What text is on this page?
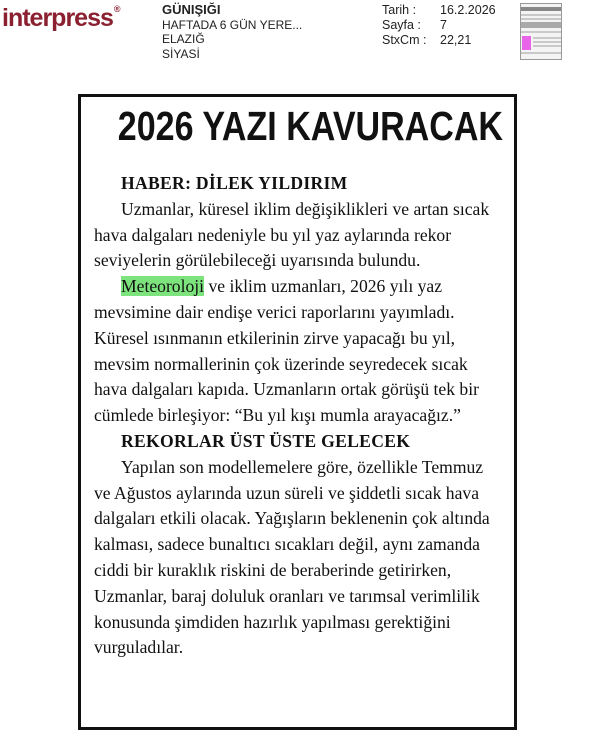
interpress®	GÜNIŞIĞI
HAFTADA 6 GÜN YERE...
ELAZIĞ
SİYASİ
Tarih :	16.2.2026
Sayfa :	7
StxCm :	22,21
2026 YAZI KAVURACAK
HABER: DİLEK YILDIRIM

Uzmanlar, küresel iklim değişiklikleri ve artan sıcak hava dalgaları nedeniyle bu yıl yaz aylarında rekor seviyelerin görülebileceği uyarısında bulundu.

Meteoroloji ve iklim uzmanları, 2026 yılı yaz mevsimine dair endişe verici raporlarını yayımladı. Küresel ısınmanın etkilerinin zirve yapacağı bu yıl, mevsim normallerinin çok üzerinde seyredecek sıcak hava dalgaları kapıda. Uzmanların ortak görüşü tek bir cümlede birleşiyor: “Bu yıl kışı mumla arayacağız.”

REKORLAR ÜST ÜSTE GELECEK

Yapılan son modellemelere göre, özellikle Temmuz ve Ağustos aylarında uzun süreli ve şiddetli sıcak hava dalgaları etkili olacak. Yağışların beklenenin çok altında kalması, sadece bunaltıcı sıcakları değil, aynı zamanda ciddi bir kuraklık riskini de beraberinde getirirken, Uzmanlar, baraj doluluk oranları ve tarımsal verimlilik konusunda şimdiden hazırlık yapılması gerektiğini vurguladılar.
